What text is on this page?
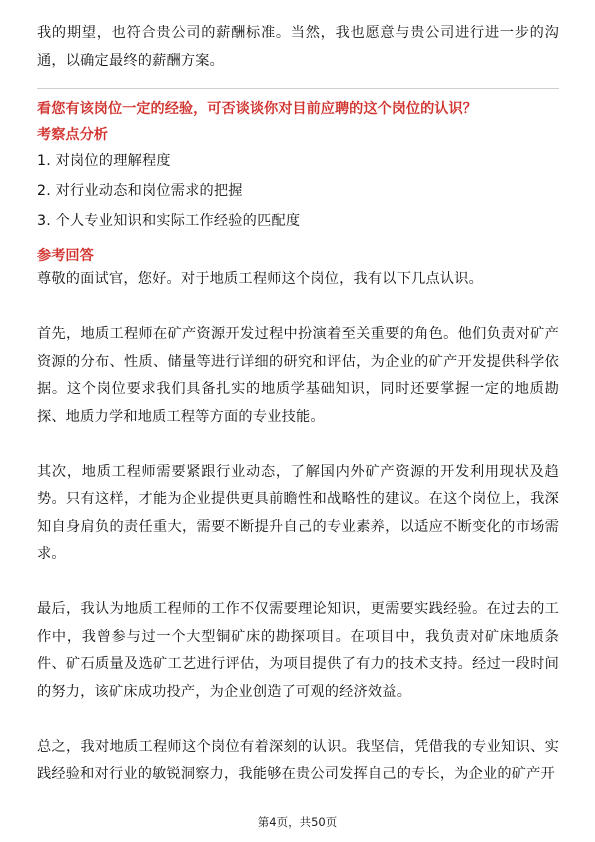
我的期望，也符合贵公司的薪酬标准。当然，我也愿意与贵公司进行进一步的沟通，以确定最终的薪酬方案。

看您有该岗位一定的经验，可否谈谈你对目前应聘的这个岗位的认识？

考察点分析

1. 对岗位的理解程度
2. 对行业动态和岗位需求的把握
3. 个人专业知识和实际工作经验的匹配度

参考回答

尊敬的面试官，您好。对于地质工程师这个岗位，我有以下几点认识。

首先，地质工程师在矿产资源开发过程中扮演着至关重要的角色。他们负责对矿产资源的分布、性质、储量等进行详细的研究和评估，为企业的矿产开发提供科学依据。这个岗位要求我们具备扎实的地质学基础知识，同时还要掌握一定的地质勘探、地质力学和地质工程等方面的专业技能。

其次，地质工程师需要紧跟行业动态，了解国内外矿产资源的开发利用现状及趋势。只有这样，才能为企业提供更具前瞻性和战略性的建议。在这个岗位上，我深知自身肩负的责任重大，需要不断提升自己的专业素养，以适应不断变化的市场需求。

最后，我认为地质工程师的工作不仅需要理论知识，更需要实践经验。在过去的工作中，我曾参与过一个大型铜矿床的勘探项目。在项目中，我负责对矿床地质条件、矿石质量及选矿工艺进行评估，为项目提供了有力的技术支持。经过一段时间的努力，该矿床成功投产，为企业创造了可观的经济效益。

总之，我对地质工程师这个岗位有着深刻的认识。我坚信，凭借我的专业知识、实践经验和对行业的敏锐洞察力，我能够在贵公司发挥自己的专长，为企业的矿产开

第4页，共50页
